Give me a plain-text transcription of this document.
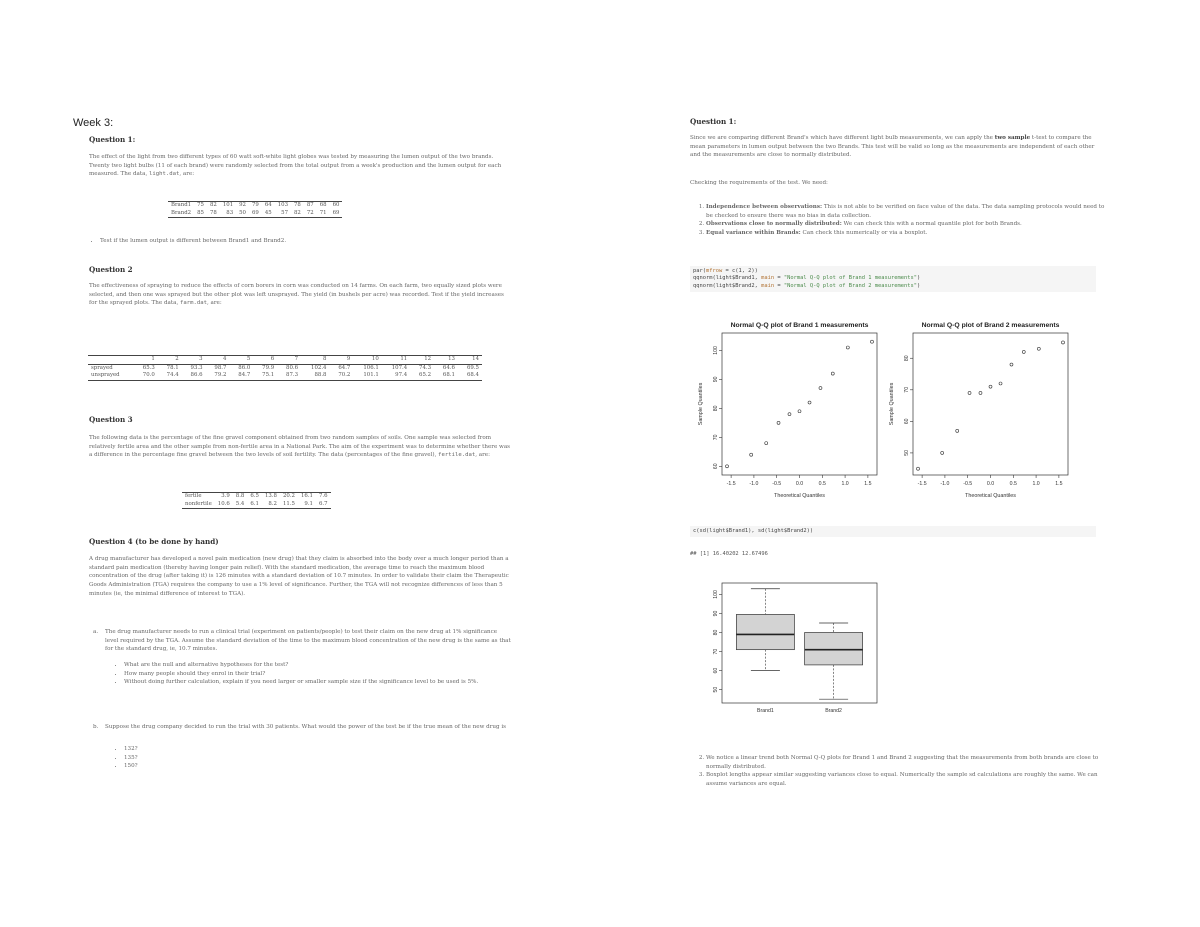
Week 3:
Question 1:

The effect of the light from two different types of 60 watt soft-white light globes was tested by measuring the lumen output of the two brands. Twenty two light bulbs (11 of each brand) were randomly selected from the total output from a week's production and the lumen output for each measured. The data, light.dat, are:

Brand1	75	82	101	92	79	64	103	78	87	68	60
Brand2	85	78	83	50	69	45	57	82	72	71	69
• Test if the lumen output is different between Brand1 and Brand2.
Question 2

The effectiveness of spraying to reduce the effects of corn borers in corn was conducted on 14 farms. On each farm, two equally sized plots were selected, and then one was sprayed but the other plot was left unsprayed. The yield (in bushels per acre) was recorded. Test if the yield increases for the sprayed plots. The data, farm.dat, are:

	1	2	3	4	5	6	7	8	9	10	11	12	13	14
sprayed	65.3	78.1	93.3	98.7	86.0	79.9	80.6	102.4	64.7	106.1	107.4	74.3	64.6	69.5
unsprayed	70.0	74.4	86.6	79.2	84.7	75.1	87.3	88.8	70.2	101.1	97.4	65.2	68.1	68.4
Question 3

The following data is the percentage of the fine gravel component obtained from two random samples of soils. One sample was selected from relatively fertile area and the other sample from non-fertile area in a National Park. The aim of the experiment was to determine whether there was a difference in the percentage fine gravel between the two levels of soil fertility. The data (percentages of the fine gravel), fertile.dat, are:

fertile	3.9	8.8	6.5	13.8	20.2	16.1	7.6
nonfertile	10.6	5.4	6.1	8.2	11.5	9.1	6.7
Question 4 (to be done by hand)

A drug manufacturer has developed a novel pain medication (new drug) that they claim is absorbed into the body over a much longer period than a standard pain medication (thereby having longer pain relief). With the standard medication, the average time to reach the maximum blood concentration of the drug (after taking it) is 126 minutes with a standard deviation of 10.7 minutes. In order to validate their claim the Therapeutic Goods Administration (TGA) requires the company to use a 1% level of significance. Further, the TGA will not recognize differences of less than 5 minutes (ie, the minimal difference of interest to TGA).

a.	The drug manufacturer needs to run a clinical trial (experiment on patients/people) to test their claim on the new drug at 1% significance level required by the TGA. Assume the standard deviation of the time to the maximum blood concentration of the new drug is the same as that for the standard drug, ie, 10.7 minutes.

• What are the null and alternative hypotheses for the test?
• How many people should they enrol in their trial?
• Without doing further calculation, explain if you need larger or smaller sample size if the significance level to be used is 5%.
b.	Suppose the drug company decided to run the trial with 30 patients. What would the power of the test be if the true mean of the new drug is

• 132?
• 135?
• 150?
Question 1:

Since we are comparing different Brand's which have different light bulb measurements, we can apply the two sample t-test to compare the mean parameters in lumen output between the two Brands. This test will be valid so long as the measurements are independent of each other and the measurements are close to normally distributed.

Checking the requirements of the test. We need:

1. Independence between observations: This is not able to be verified on face value of the data. The data sampling protocols would need to be checked to ensure there was no bias in data collection.
2. Observations close to normally distributed: We can check this with a normal quantile plot for both Brands.
3. Equal variance within Brands: Can check this numerically or via a boxplot.
par(mfrow = c(1, 2))
qqnorm(light$Brand1, main = "Normal Q-Q plot of Brand 1 measurements")
qqnorm(light$Brand2, main = "Normal Q-Q plot of Brand 2 measurements")
Normal Q-Q plot of Brand 1 measurements
-1.5	-1.0	-0.5	0.0	0.5	1.0	1.5
60
70
80
90
100
Theoretical Quantiles
Sample Quantiles
Normal Q-Q plot of Brand 2 measurements
-1.5	-1.0	-0.5	0.0	0.5	1.0	1.5
50
60
70
80
Theoretical Quantiles
Sample Quantiles
c(sd(light$Brand1), sd(light$Brand2))
## [1] 16.40202 12.67496
50
60
70
80
90
100
Brand1	Brand2
2. We notice a linear trend both Normal Q-Q plots for Brand 1 and Brand 2 suggesting that the measurements from both brands are close to normally distributed.
3. Boxplot lengths appear similar suggesting variances close to equal. Numerically the sample sd calculations are roughly the same. We can assume variances are equal.
